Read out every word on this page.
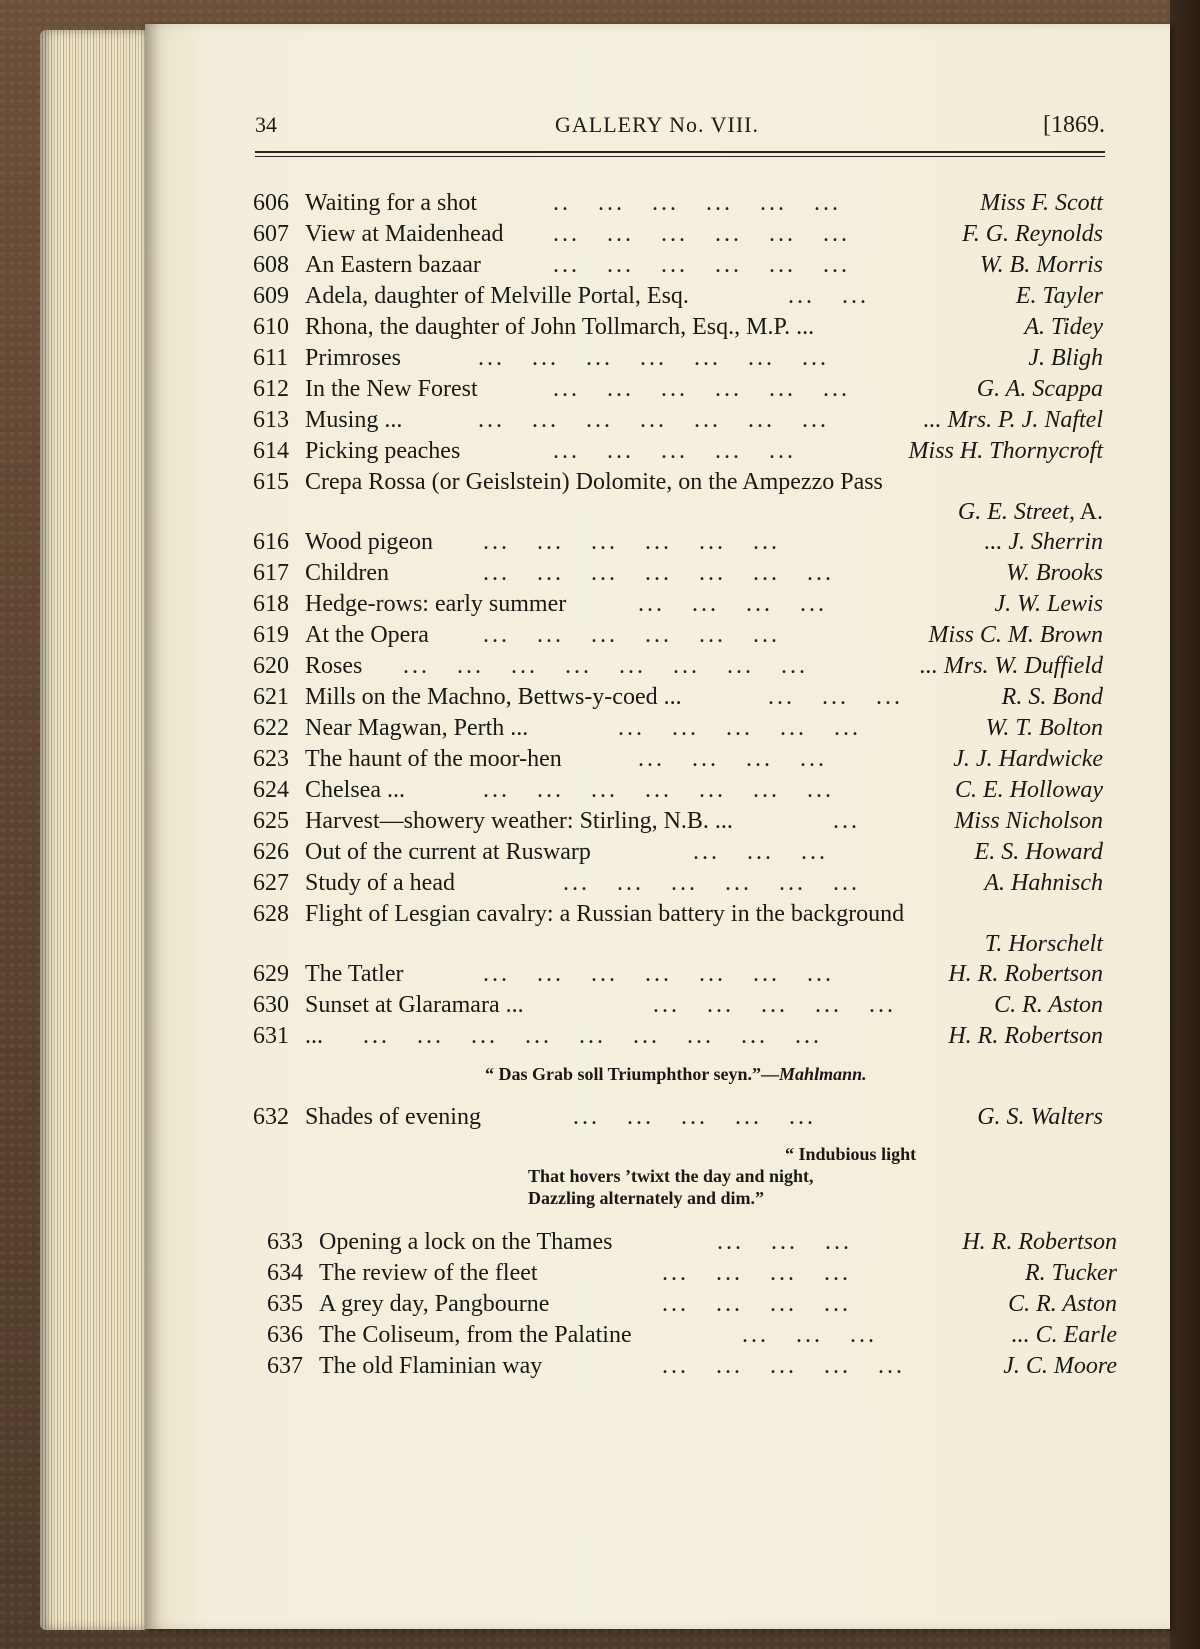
34	GALLERY No. VIII.	[1869.
606 Waiting for a shot	..   ...   ...   ...   ...   ...	Miss F. Scott
607 View at Maidenhead ...   ...   ...   ...   ...   ...	F. G. Reynolds
608 An Eastern bazaar	...   ...   ...   ...   ...   ...	W. B. Morris
609 Adela, daughter of Melville Portal, Esq.	...   ...	E. Tayler
610 Rhona, the daughter of John Tollmarch, Esq., M.P. ...	A. Tidey
611 Primroses	...   ...   ...   ...   ...   ...   ...	J. Bligh
612 In the New Forest	...   ...   ...   ...   ...   ...	G. A. Scappa
613 Musing ...	...   ...   ...   ...   ...   ...   ...	... Mrs. P. J. Naftel
614 Picking peaches	...   ...   ...   ...   ...	Miss H. Thornycroft
615 Crepa Rossa (or Geislstein) Dolomite, on the Ampezzo Pass
G. E. Street, A.
616 Wood pigeon ...   ...   ...   ...   ...   ...	... J. Sherrin
617 Children	...   ...   ...   ...   ...   ...   ...	W. Brooks
618 Hedge-rows: early summer	...   ...   ...   ...	J. W. Lewis
619 At the Opera ...   ...   ...   ...   ...   ...	Miss C. M. Brown
620 Roses ...   ...   ...   ...   ...   ...   ...   ...	... Mrs. W. Duffield
621 Mills on the Machno, Bettws-y-coed ...	...   ...   ...	R. S. Bond
622 Near Magwan, Perth ...	...   ...   ...   ...   ...	W. T. Bolton
623 The haunt of the moor-hen	...   ...   ...   ...	J. J. Hardwicke
624 Chelsea ...	...   ...   ...   ...   ...   ...   ...	C. E. Holloway
625 Harvest—showery weather: Stirling, N.B. ...	...	Miss Nicholson
626 Out of the current at Ruswarp	...   ...   ...	E. S. Howard
627 Study of a head	...   ...   ...   ...   ...   ...	A. Hahnisch
628 Flight of Lesgian cavalry: a Russian battery in the background
T. Horschelt
629 The Tatler	...   ...   ...   ...   ...   ...   ...	H. R. Robertson
630 Sunset at Glaramara ...	...   ...   ...   ...   ...	C. R. Aston
631 ... ...   ...   ...   ...   ...   ...   ...   ...   ...	H. R. Robertson
“ Das Grab soll Triumphthor seyn.”—Mahlmann.
632 Shades of evening	...   ...   ...   ...   ...	G. S. Walters
“ Indubious light
That hovers ’twixt the day and night,
Dazzling alternately and dim.”
633 Opening a lock on the Thames	...   ...   ...	H. R. Robertson
634 The review of the fleet	...   ...   ...   ...	R. Tucker
635 A grey day, Pangbourne	...   ...   ...   ...	C. R. Aston
636 The Coliseum, from the Palatine	...   ...   ...	... C. Earle
637 The old Flaminian way	...   ...   ...   ...   ...	J. C. Moore
